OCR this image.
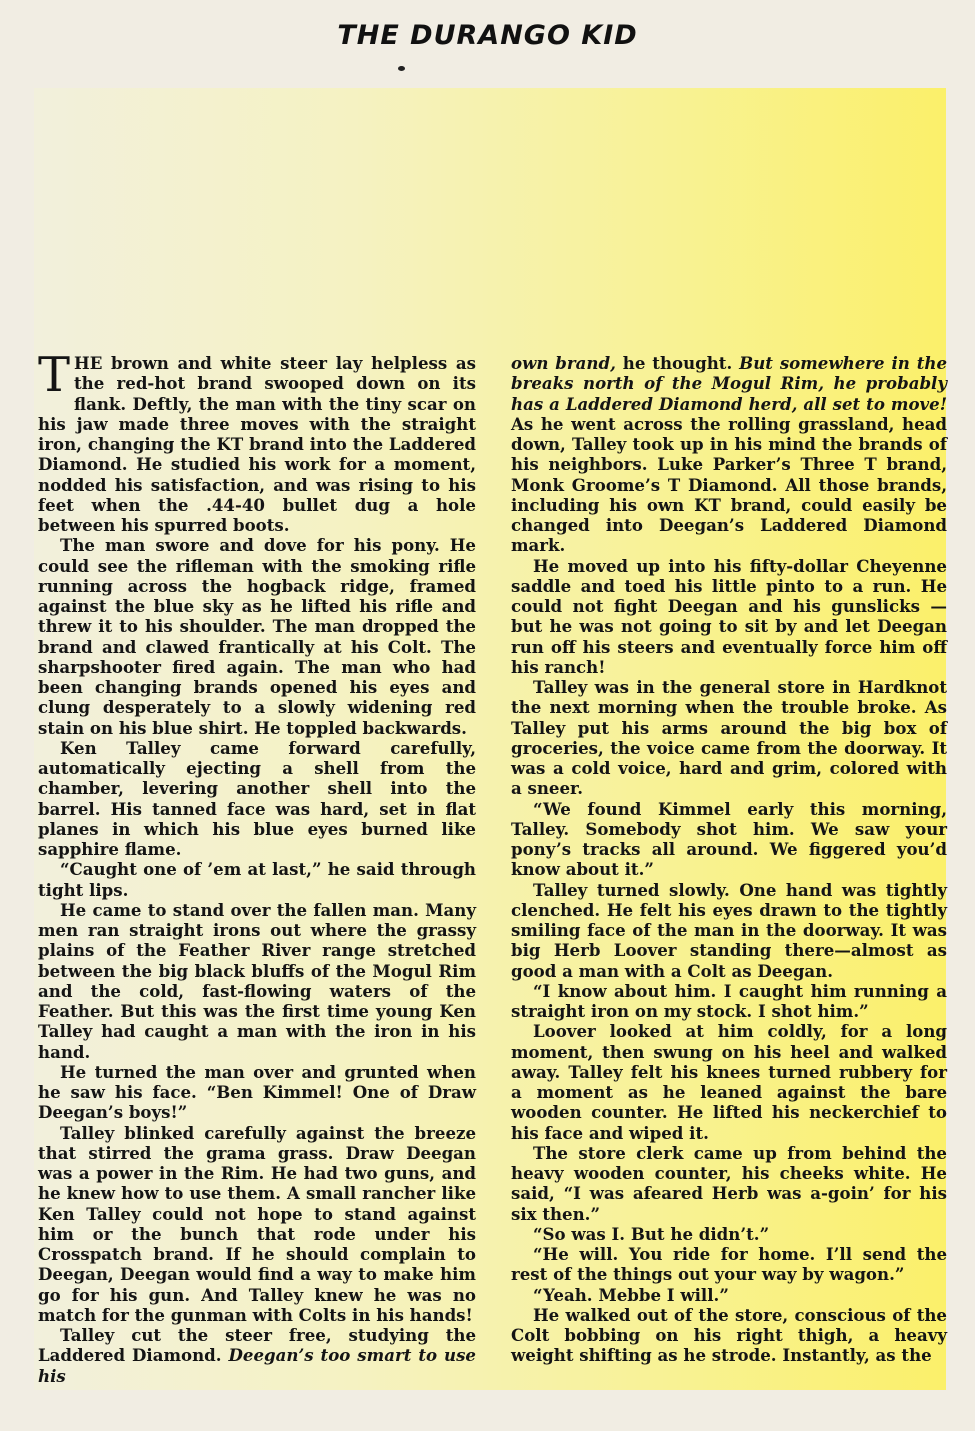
THE DURANGO KID

THE brown and white steer lay helpless as the red-hot brand swooped down on its flank. Deftly, the man with the tiny scar on his jaw made three moves with the straight iron, changing the KT brand into the Laddered Diamond. He studied his work for a moment, nodded his satisfaction, and was rising to his feet when the .44-40 bullet dug a hole between his spurred boots.

The man swore and dove for his pony. He could see the rifleman with the smoking rifle running across the hogback ridge, framed against the blue sky as he lifted his rifle and threw it to his shoulder. The man dropped the brand and clawed frantically at his Colt. The sharpshooter fired again. The man who had been changing brands opened his eyes and clung desperately to a slowly widening red stain on his blue shirt. He toppled backwards.

Ken Talley came forward carefully, automatically ejecting a shell from the chamber, levering another shell into the barrel. His tanned face was hard, set in flat planes in which his blue eyes burned like sapphire flame.

“Caught one of ’em at last,” he said through tight lips.

He came to stand over the fallen man. Many men ran straight irons out where the grassy plains of the Feather River range stretched between the big black bluffs of the Mogul Rim and the cold, fast-flowing waters of the Feather. But this was the first time young Ken Talley had caught a man with the iron in his hand.

He turned the man over and grunted when he saw his face. “Ben Kimmel! One of Draw Deegan’s boys!”

Talley blinked carefully against the breeze that stirred the grama grass. Draw Deegan was a power in the Rim. He had two guns, and he knew how to use them. A small rancher like Ken Talley could not hope to stand against him or the bunch that rode under his Crosspatch brand. If he should complain to Deegan, Deegan would find a way to make him go for his gun. And Talley knew he was no match for the gunman with Colts in his hands!

Talley cut the steer free, studying the Laddered Diamond. Deegan’s too smart to use his

own brand, he thought. But somewhere in the breaks north of the Mogul Rim, he probably has a Laddered Diamond herd, all set to move! As he went across the rolling grassland, head down, Talley took up in his mind the brands of his neighbors. Luke Parker’s Three T brand, Monk Groome’s T Diamond. All those brands, including his own KT brand, could easily be changed into Deegan’s Laddered Diamond mark.

He moved up into his fifty-dollar Cheyenne saddle and toed his little pinto to a run. He could not fight Deegan and his gunslicks — but he was not going to sit by and let Deegan run off his steers and eventually force him off his ranch!

Talley was in the general store in Hardknot the next morning when the trouble broke. As Talley put his arms around the big box of groceries, the voice came from the doorway. It was a cold voice, hard and grim, colored with a sneer.

“We found Kimmel early this morning, Talley. Somebody shot him. We saw your pony’s tracks all around. We figgered you’d know about it.”

Talley turned slowly. One hand was tightly clenched. He felt his eyes drawn to the tightly smiling face of the man in the doorway. It was big Herb Loover standing there—almost as good a man with a Colt as Deegan.

“I know about him. I caught him running a straight iron on my stock. I shot him.”

Loover looked at him coldly, for a long moment, then swung on his heel and walked away. Talley felt his knees turned rubbery for a moment as he leaned against the bare wooden counter. He lifted his neckerchief to his face and wiped it.

The store clerk came up from behind the heavy wooden counter, his cheeks white. He said, “I was afeared Herb was a-goin’ for his six then.”

“So was I. But he didn’t.”

“He will. You ride for home. I’ll send the rest of the things out your way by wagon.”

“Yeah. Mebbe I will.”

He walked out of the store, conscious of the Colt bobbing on his right thigh, a heavy weight shifting as he strode. Instantly, as the
